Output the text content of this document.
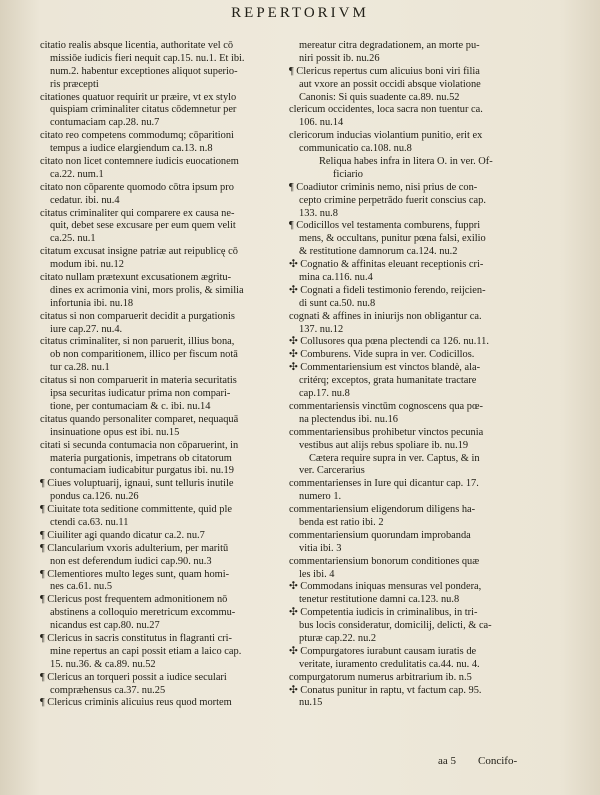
REPERTORIVM
citatio realis absque licentia, authoritate vel cō
missiōe iudicis fieri nequit cap.15. nu.1. Et ibi.
num.2. habentur exceptiones aliquot superio-
ris præcepti
citationes quatuor requirit ur præire, vt ex stylo
quispiam criminaliter citatus cōdemnetur per
contumaciam cap.28. nu.7
citato reo competens commodumq; cōparitioni
tempus a iudice elargiendum ca.13. n.8
citato non licet contemnere iudicis euocationem
ca.22. num.1
citato non cōparente quomodo cōtra ipsum pro
cedatur. ibi. nu.4
citatus criminaliter qui comparere ex causa ne-
quit, debet sese excusare per eum quem velit
ca.25. nu.1
citatum excusat insigne patriæ aut reipublicę cō
modum ibi. nu.12
citato nullam prætexunt excusationem ægritu-
dines ex acrimonia vini, mors prolis, & similia
infortunia ibi. nu.18
citatus si non comparuerit decidit a purgationis
iure cap.27. nu.4.
citatus criminaliter, si non paruerit, illius bona,
ob non comparitionem, illico per fiscum notā
tur ca.28. nu.1
citatus si non comparuerit in materia securitatis
ipsa securitas iudicatur prima non compari-
tione, per contumaciam & c. ibi. nu.14
citatus quando personaliter comparet, nequaquā
insinuatione opus est ibi. nu.15
citati si secunda contumacia non cōparuerint, in
materia purgationis, impetrans ob citatorum
contumaciam iudicabitur purgatus ibi. nu.19
¶ Ciues voluptuarij, ignaui, sunt telluris inutile
pondus ca.126. nu.26
¶ Ciuitate tota seditione committente, quid ple
ctendi ca.63. nu.11
¶ Ciuiliter agi quando dicatur ca.2. nu.7
¶ Clancularium vxoris adulterium, per maritū
non est deferendum iudici cap.90. nu.3
¶ Clementiores multo leges sunt, quam homi-
nes ca.61. nu.5
¶ Clericus post frequentem admonitionem nō
abstinens a colloquio meretricum excommu-
nicandus est cap.80. nu.27
¶ Clericus in sacris constitutus in flagranti cri-
mine repertus an capi possit etiam a laico cap.
15. nu.36. & ca.89. nu.52
¶ Clericus an torqueri possit a iudice seculari
compræhensus ca.37. nu.25
¶ Clericus criminis alicuius reus quod mortem
mereatur citra degradationem, an morte pu-
niri possit ib. nu.26
¶ Clericus repertus cum alicuius boni viri filia
aut vxore an possit occidi absque violatione
Canonis: Si quis suadente ca.89. nu.52
clericum occidentes, loca sacra non tuentur ca.
106. nu.14
clericorum inducias violantium punitio, erit ex
communicatio ca.108. nu.8
Reliqua habes infra in litera O. in ver. Of-
ficiario
¶ Coadiutor criminis nemo, nisi prius de con-
cepto crimine perpetrādo fuerit conscius cap.
133. nu.8
¶ Codicillos vel testamenta comburens, fuppri
mens, & occultans, punitur pœna falsi, exilio
& restitutione damnorum ca.124. nu.2
✣ Cognatio & affinitas eleuant receptionis cri-
mina ca.116. nu.4
✣ Cognati a fideli testimonio ferendo, reijcien-
di sunt ca.50. nu.8
cognati & affines in iniurijs non obligantur ca.
137. nu.12
✣ Collusores qua pœna plectendi ca 126. nu.11.
✣ Comburens. Vide supra in ver. Codicillos.
✣ Commentariensium est vinctos blandè, ala-
critérq; exceptos, grata humanitate tractare
cap.17. nu.8
commentariensis vinctūm cognoscens qua pœ-
na plectendus ibi. nu.16
commentariensibus prohibetur vinctos pecunia
vestibus aut alijs rebus spoliare ib. nu.19
Cætera require supra in ver. Captus, & in
ver. Carcerarius
commentarienses in Iure qui dicantur cap. 17.
numero 1.
commentariensium eligendorum diligens ha-
benda est ratio ibi. 2
commentariensium quorundam improbanda
vitia ibi. 3
commentariensium bonorum conditiones quæ
les ibi. 4
✣ Commodans iniquas mensuras vel pondera,
tenetur restitutione damni ca.123. nu.8
✣ Competentia iudicis in criminalibus, in tri-
bus locis consideratur, domicilij, delicti, & ca-
pturæ cap.22. nu.2
✣ Compurgatores iurabunt causam iuratis de
veritate, iuramento credulitatis ca.44. nu. 4.
compurgatorum numerus arbitrarium ib. n.5
✣ Conatus punitur in raptu, vt factum cap. 95.
nu.15
aa 5 Concifo-
